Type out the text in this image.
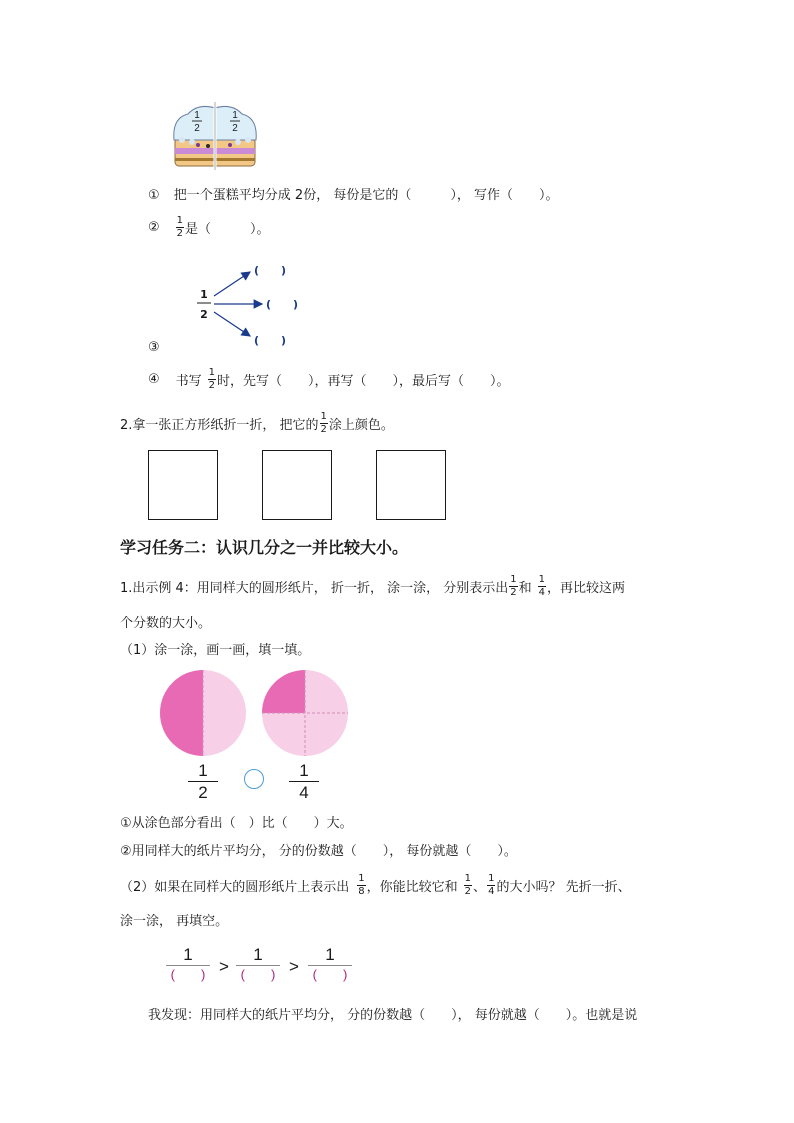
1
2
1
2
① 把一个蛋糕平均分成 2份， 每份是它的（　　　）， 写作（　　）。
② $\frac{1}{2}$ 是（　　　）。
1
2
(　　)
(　　)
(　　)
③
④ 书写 $\frac{1}{2}$ 时，先写（　　），再写（　　），最后写（　　）。
2.拿一张正方形纸折一折， 把它的 $\frac{1}{2}$ 涂上颜色。
学习任务二：认识几分之一并比较大小。
1.出示例 4：用同样大的圆形纸片， 折一折， 涂一涂， 分别表示出 $\frac{1}{2}$ 和 $\frac{1}{4}$ ，再比较这两
个分数的大小。
（1）涂一涂，画一画，填一填。
1
2
1
4
①从涂色部分看出（　）比（　　）大。
②用同样大的纸片平均分， 分的份数越（　　）， 每份就越（　　）。
（2）如果在同样大的圆形纸片上表示出 $\frac{1}{8}$ ，你能比较它和 $\frac{1}{2}$ 、 $\frac{1}{4}$ 的大小吗？ 先折一折、
涂一涂， 再填空。
1
(　　) >
1
(　　) >
1
(　　)
我发现：用同样大的纸片平均分， 分的份数越（　　）， 每份就越（　　）。也就是说
